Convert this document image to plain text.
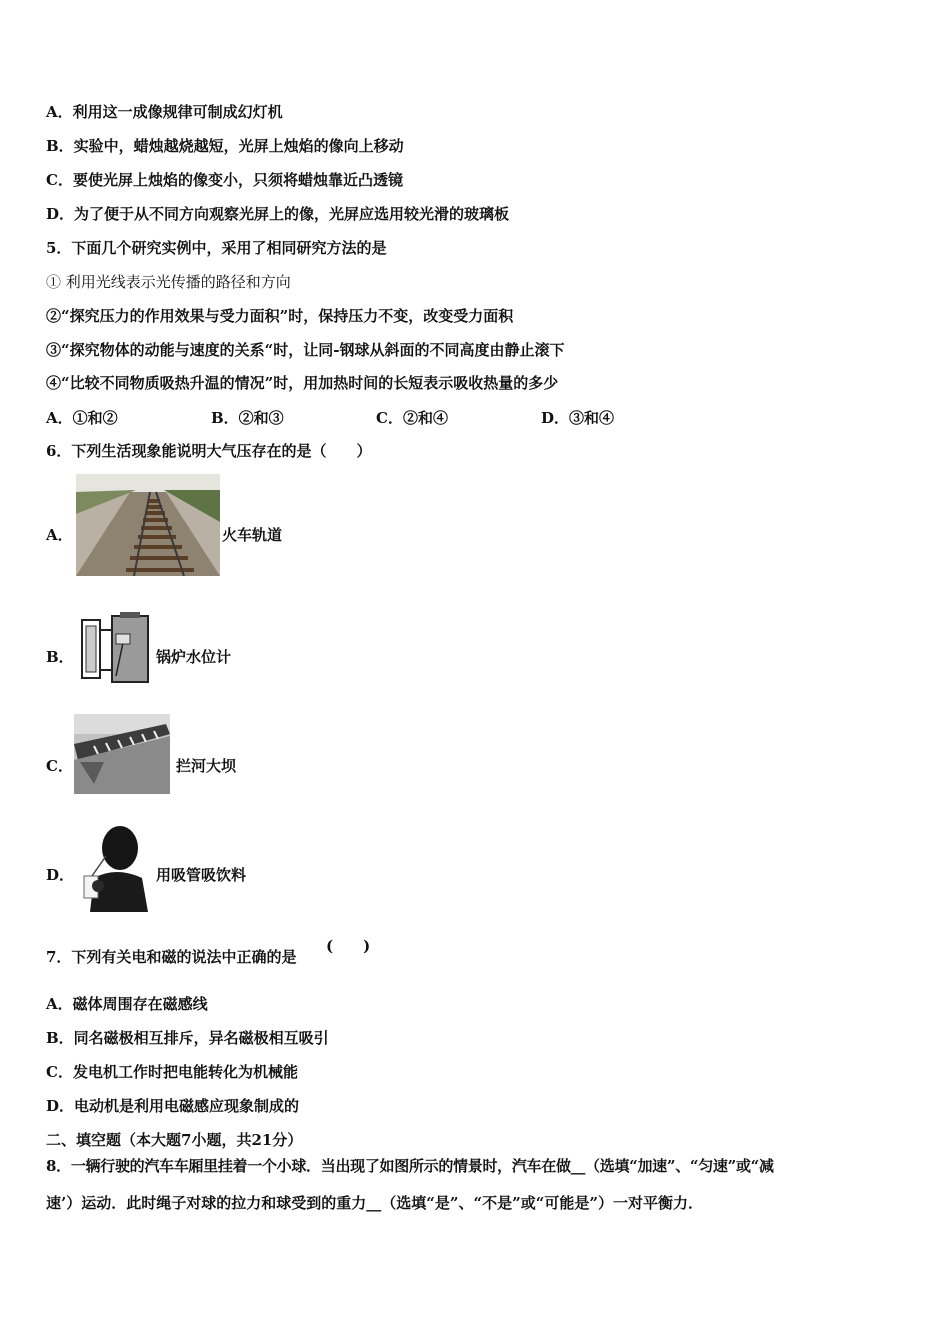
A．利用这一成像规律可制成幻灯机
B．实验中，蜡烛越烧越短，光屏上烛焰的像向上移动
C．要使光屏上烛焰的像变小，只须将蜡烛靠近凸透镜
D．为了便于从不同方向观察光屏上的像，光屏应选用较光滑的玻璃板
5．下面几个研究实例中，采用了相同研究方法的是
① 利用光线表示光传播的路径和方向
②“探究压力的作用效果与受力面积”时，保持压力不变，改变受力面积
③“探究物体的动能与速度的关系“时，让同-钢球从斜面的不同高度由静止滚下
④“比较不同物质吸热升温的情况”时，用加热时间的长短表示吸收热量的多少
A．①和②	B．②和③	C．②和④	D．③和④
6．下列生活现象能说明大气压存在的是（　　）
A．	火车轨道
B．	锅炉水位计
C．	拦河大坝
D．	用吸管吸饮料
7．下列有关电和磁的说法中正确的是
(　　)
A．磁体周围存在磁感线
B．同名磁极相互排斥，异名磁极相互吸引
C．发电机工作时把电能转化为机械能
D．电动机是利用电磁感应现象制成的
二、填空题（本大题7小题，共21分）
8．一辆行驶的汽车车厢里挂着一个小球．当出现了如图所示的情景时，汽车在做__（选填“加速”、“匀速”或“减
速’）运动．此时绳子对球的拉力和球受到的重力__（选填“是”、“不是”或“可能是”）一对平衡力．
